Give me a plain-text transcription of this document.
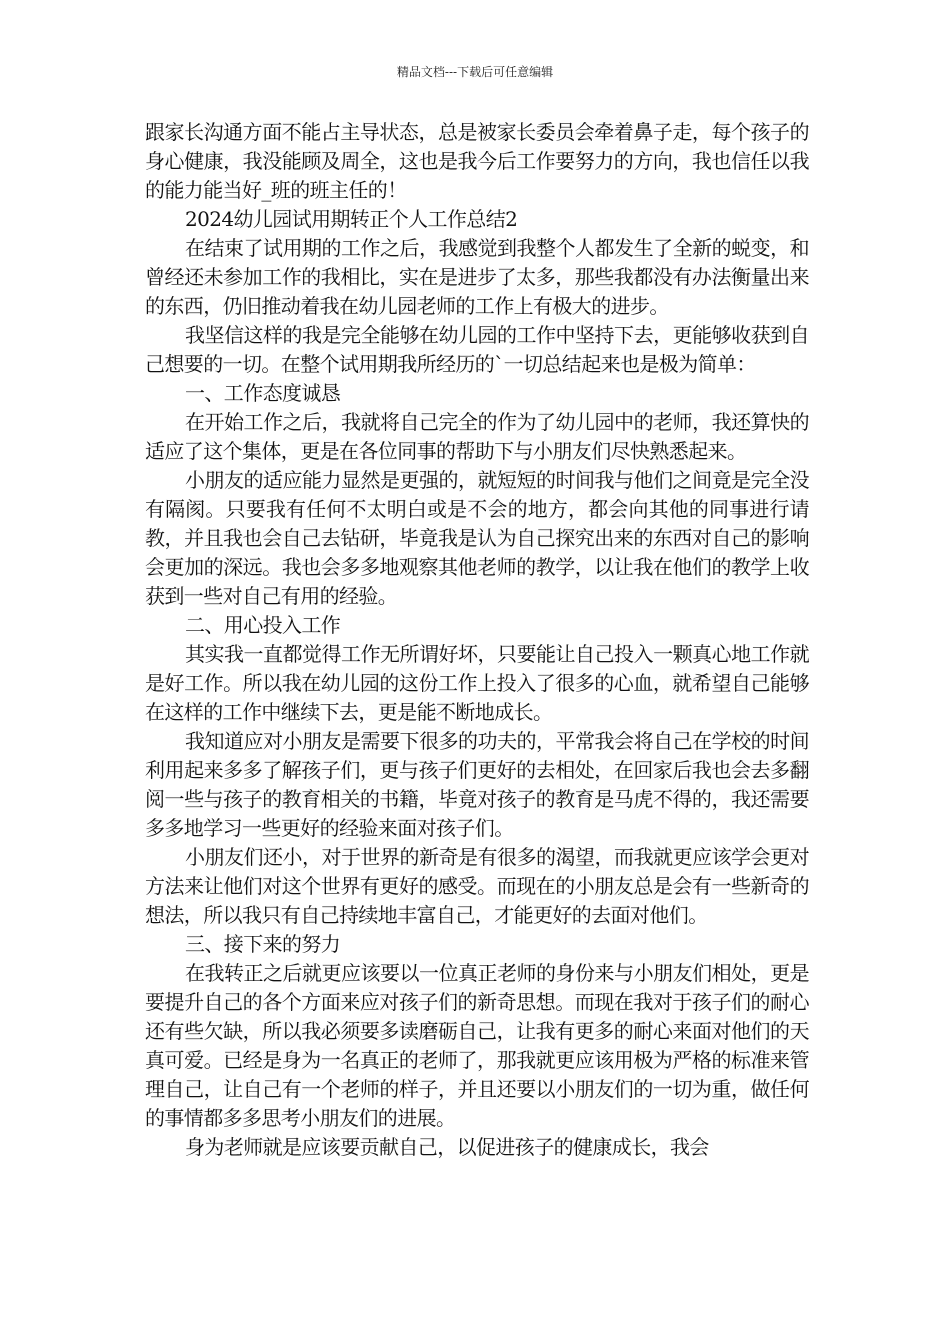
精品文档---下载后可任意编辑

跟家长沟通方面不能占主导状态，总是被家长委员会牵着鼻子走，每个孩子的身心健康，我没能顾及周全，这也是我今后工作要努力的方向，我也信任以我的能力能当好_班的班主任的！

2024幼儿园试用期转正个人工作总结2

在结束了试用期的工作之后，我感觉到我整个人都发生了全新的蜕变，和曾经还未参加工作的我相比，实在是进步了太多，那些我都没有办法衡量出来的东西，仍旧推动着我在幼儿园老师的工作上有极大的进步。

我坚信这样的我是完全能够在幼儿园的工作中坚持下去，更能够收获到自己想要的一切。在整个试用期我所经历的`一切总结起来也是极为简单：

一、工作态度诚恳

在开始工作之后，我就将自己完全的作为了幼儿园中的老师，我还算快的适应了这个集体，更是在各位同事的帮助下与小朋友们尽快熟悉起来。

小朋友的适应能力显然是更强的，就短短的时间我与他们之间竟是完全没有隔阂。只要我有任何不太明白或是不会的地方，都会向其他的同事进行请教，并且我也会自己去钻研，毕竟我是认为自己探究出来的东西对自己的影响会更加的深远。我也会多多地观察其他老师的教学，以让我在他们的教学上收获到一些对自己有用的经验。

二、用心投入工作

其实我一直都觉得工作无所谓好坏，只要能让自己投入一颗真心地工作就是好工作。所以我在幼儿园的这份工作上投入了很多的心血，就希望自己能够在这样的工作中继续下去，更是能不断地成长。

我知道应对小朋友是需要下很多的功夫的，平常我会将自己在学校的时间利用起来多多了解孩子们，更与孩子们更好的去相处，在回家后我也会去多翻阅一些与孩子的教育相关的书籍，毕竟对孩子的教育是马虎不得的，我还需要多多地学习一些更好的经验来面对孩子们。

小朋友们还小，对于世界的新奇是有很多的渴望，而我就更应该学会更对方法来让他们对这个世界有更好的感受。而现在的小朋友总是会有一些新奇的想法，所以我只有自己持续地丰富自己，才能更好的去面对他们。

三、接下来的努力

在我转正之后就更应该要以一位真正老师的身份来与小朋友们相处，更是要提升自己的各个方面来应对孩子们的新奇思想。而现在我对于孩子们的耐心还有些欠缺，所以我必须要多读磨砺自己，让我有更多的耐心来面对他们的天真可爱。已经是身为一名真正的老师了，那我就更应该用极为严格的标准来管理自己，让自己有一个老师的样子，并且还要以小朋友们的一切为重，做任何的事情都多多思考小朋友们的进展。

身为老师就是应该要贡献自己，以促进孩子的健康成长，我会
